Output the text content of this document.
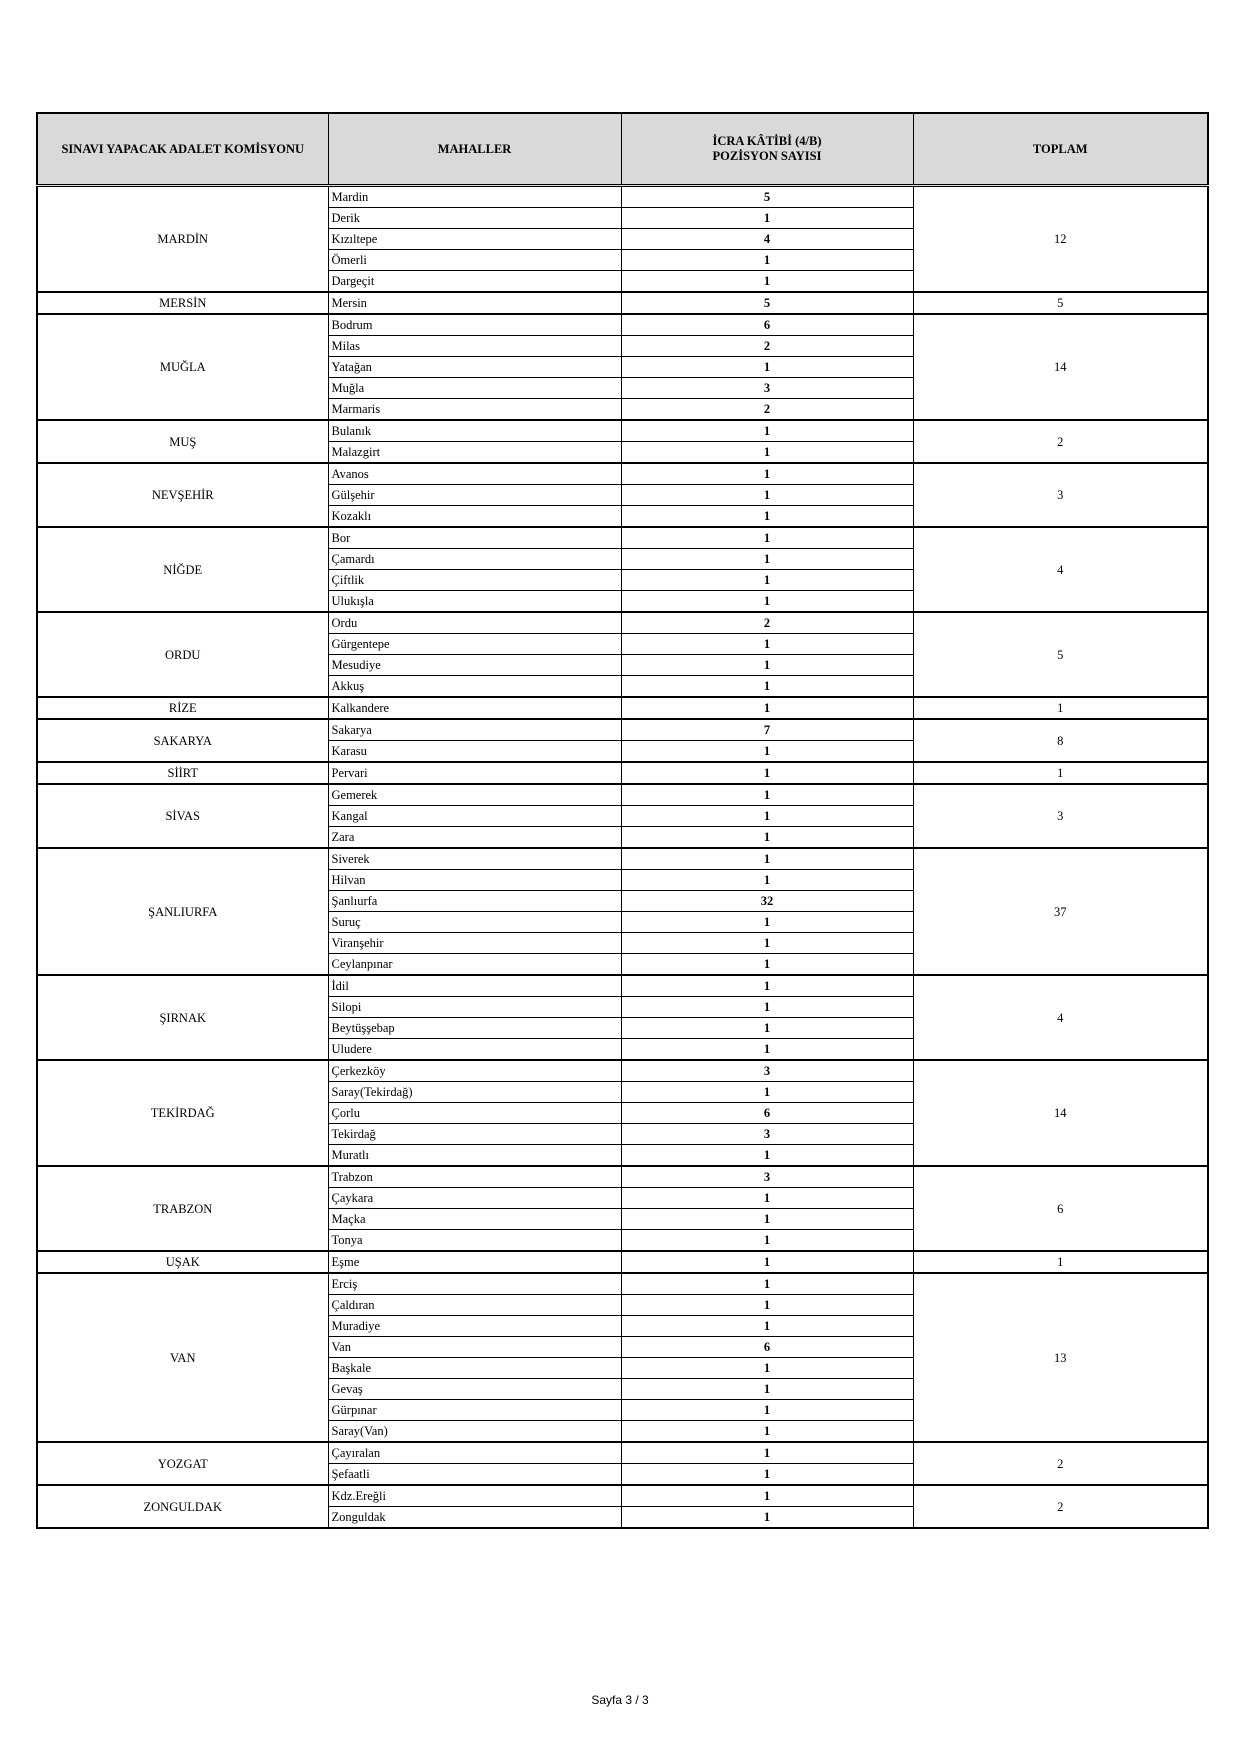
SINAVI YAPACAK ADALET KOMİSYONU	MAHALLER	İCRA KÂTİBİ (4/B)
POZİSYON SAYISI	TOPLAM
MARDİN	Mardin	5	12
	Derik	1	
	Kızıltepe	4	
	Ömerli	1	
	Dargeçit	1	
MERSİN	Mersin	5	5
MUĞLA	Bodrum	6	14
	Milas	2	
	Yatağan	1	
	Muğla	3	
	Marmaris	2	
MUŞ	Bulanık	1	2
	Malazgirt	1	
NEVŞEHİR	Avanos	1	3
	Gülşehir	1	
	Kozaklı	1	
NİĞDE	Bor	1	4
	Çamardı	1	
	Çiftlik	1	
	Ulukışla	1	
ORDU	Ordu	2	5
	Gürgentepe	1	
	Mesudiye	1	
	Akkuş	1	
RİZE	Kalkandere	1	1
SAKARYA	Sakarya	7	8
	Karasu	1	
SİİRT	Pervari	1	1
SİVAS	Gemerek	1	3
	Kangal	1	
	Zara	1	
ŞANLIURFA	Siverek	1	37
	Hilvan	1	
	Şanlıurfa	32	
	Suruç	1	
	Viranşehir	1	
	Ceylanpınar	1	
ŞIRNAK	İdil	1	4
	Silopi	1	
	Beytüşşebap	1	
	Uludere	1	
TEKİRDAĞ	Çerkezköy	3	14
	Saray(Tekirdağ)	1	
	Çorlu	6	
	Tekirdağ	3	
	Muratlı	1	
TRABZON	Trabzon	3	6
	Çaykara	1	
	Maçka	1	
	Tonya	1	
UŞAK	Eşme	1	1
VAN	Erciş	1	13
	Çaldıran	1	
	Muradiye	1	
	Van	6	
	Başkale	1	
	Gevaş	1	
	Gürpınar	1	
	Saray(Van)	1	
YOZGAT	Çayıralan	1	2
	Şefaatli	1	
ZONGULDAK	Kdz.Ereğli	1	2
	Zonguldak	1	
Sayfa 3 / 3
